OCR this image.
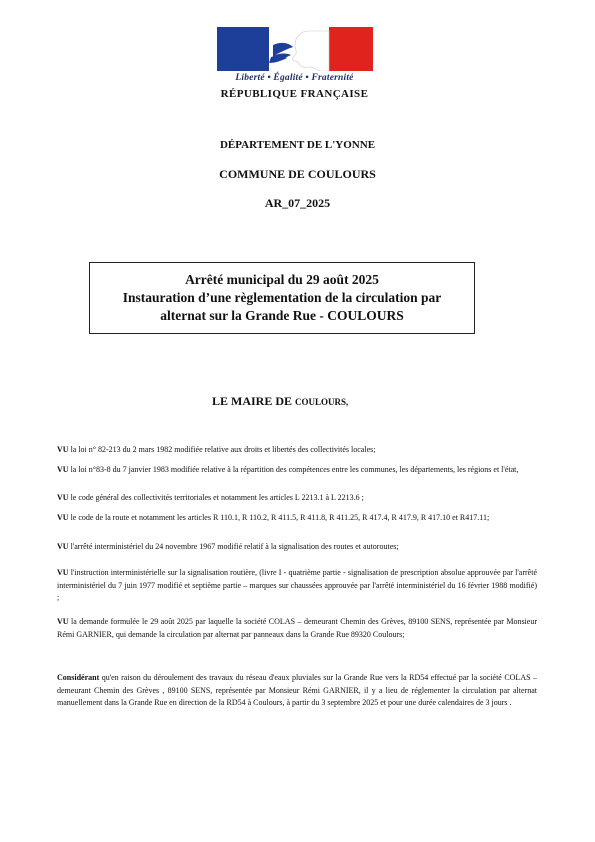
Liberté • Égalité • Fraternité
RÉPUBLIQUE FRANÇAISE
DÉPARTEMENT DE L'YONNE
COMMUNE DE COULOURS
AR_07_2025
Arrêté municipal du 29 août 2025
Instauration d’une règlementation de la circulation par
alternat sur la Grande Rue - COULOURS
LE MAIRE DE COULOURS,
VU la loi n° 82-213 du 2 mars 1982 modifiée relative aux droits et libertés des collectivités locales;
VU la loi n°83-8 du 7 janvier 1983 modifiée relative à la répartition des compétences entre les communes, les départements, les régions et l'état,
VU le code général des collectivités territoriales et notamment les articles L 2213.1 à L 2213.6 ;
VU le code de la route et notamment les articles R 110.1, R 110.2, R 411.5, R 411.8, R 411.25, R 417.4, R 417.9, R 417.10 et R417.11;
VU l'arrêté interministériel du 24 novembre 1967 modifié relatif à la signalisation des routes et autoroutes;
VU l'instruction interministérielle sur la signalisation routière, (livre I - quatrième partie - signalisation de prescription absolue approuvée par l'arrêté interministériel du 7 juin 1977 modifié et septième partie – marques sur chaussées approuvée par l'arrêté interministériel du 16 février 1988 modifié) ;
VU la demande formulée le 29 août 2025 par laquelle la société COLAS – demeurant Chemin des Grèves, 89100 SENS, représentée par Monsieur Rémi GARNIER, qui demande la circulation par alternat par panneaux dans la Grande Rue 89320 Coulours;
Considérant qu'en raison du déroulement des travaux du réseau d'eaux pluviales sur la Grande Rue vers la RD54 effectué par la société COLAS – demeurant Chemin des Grèves , 89100 SENS, représentée par Monsieur Rémi GARNIER, il y a lieu de réglementer la circulation par alternat manuellement dans la Grande Rue en direction de la RD54 à Coulours, à partir du 3 septembre 2025 et pour une durée calendaires de 3 jours .
